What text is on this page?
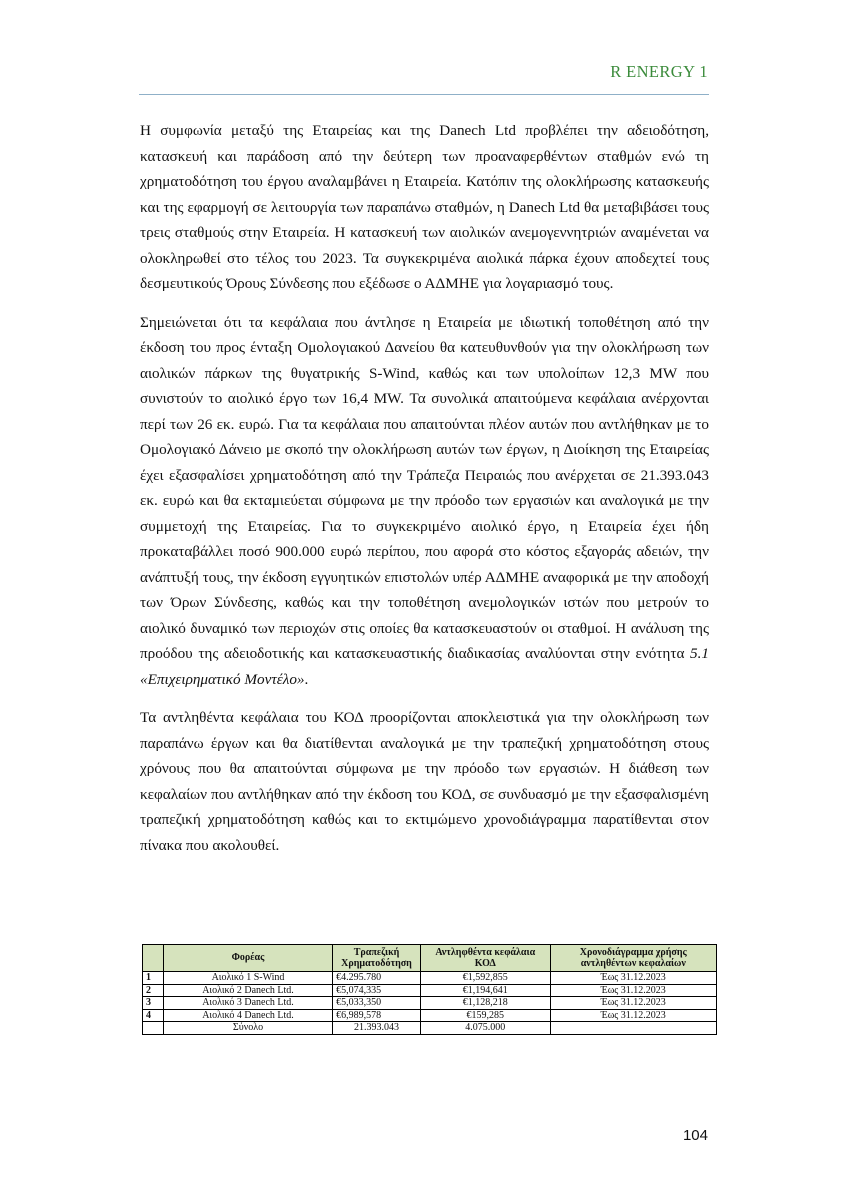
R ENERGY 1

Η συμφωνία μεταξύ της Εταιρείας και της Danech Ltd προβλέπει την αδειοδότηση, κατασκευή και παράδοση από την δεύτερη των προαναφερθέντων σταθμών ενώ τη χρηματοδότηση του έργου αναλαμβάνει η Εταιρεία. Κατόπιν της ολοκλήρωσης κατασκευής και της εφαρμογή σε λειτουργία των παραπάνω σταθμών, η Danech Ltd θα μεταβιβάσει τους τρεις σταθμούς στην Εταιρεία. Η κατασκευή των αιολικών ανεμογεννητριών αναμένεται να ολοκληρωθεί στο τέλος του 2023. Τα συγκεκριμένα αιολικά πάρκα έχουν αποδεχτεί τους δεσμευτικούς Όρους Σύνδεσης που εξέδωσε ο ΑΔΜΗΕ για λογαριασμό τους.

Σημειώνεται ότι τα κεφάλαια που άντλησε η Εταιρεία με ιδιωτική τοποθέτηση από την έκδοση του προς ένταξη Ομολογιακού Δανείου θα κατευθυνθούν για την ολοκλήρωση των αιολικών πάρκων της θυγατρικής S-Wind, καθώς και των υπολοίπων 12,3 MW που συνιστούν το αιολικό έργο των 16,4 MW. Τα συνολικά απαιτούμενα κεφάλαια ανέρχονται περί των 26 εκ. ευρώ. Για τα κεφάλαια που απαιτούνται πλέον αυτών που αντλήθηκαν με το Ομολογιακό Δάνειο με σκοπό την ολοκλήρωση αυτών των έργων, η Διοίκηση της Εταιρείας έχει εξασφαλίσει χρηματοδότηση από την Τράπεζα Πειραιώς που ανέρχεται σε 21.393.043 εκ. ευρώ και θα εκταμιεύεται σύμφωνα με την πρόοδο των εργασιών και αναλογικά με την συμμετοχή της Εταιρείας. Για το συγκεκριμένο αιολικό έργο, η Εταιρεία έχει ήδη προκαταβάλλει ποσό 900.000 ευρώ περίπου, που αφορά στο κόστος εξαγοράς αδειών, την ανάπτυξή τους, την έκδοση εγγυητικών επιστολών υπέρ ΑΔΜΗΕ αναφορικά με την αποδοχή των Όρων Σύνδεσης, καθώς και την τοποθέτηση ανεμολογικών ιστών που μετρούν το αιολικό δυναμικό των περιοχών στις οποίες θα κατασκευαστούν οι σταθμοί. Η ανάλυση της προόδου της αδειοδοτικής και κατασκευαστικής διαδικασίας αναλύονται στην ενότητα 5.1 «Επιχειρηματικό Μοντέλο».

Τα αντληθέντα κεφάλαια του ΚΟΔ προορίζονται αποκλειστικά για την ολοκλήρωση των παραπάνω έργων και θα διατίθενται αναλογικά με την τραπεζική χρηματοδότηση στους χρόνους που θα απαιτούνται σύμφωνα με την πρόοδο των εργασιών. Η διάθεση των κεφαλαίων που αντλήθηκαν από την έκδοση του ΚΟΔ, σε συνδυασμό με την εξασφαλισμένη τραπεζική χρηματοδότηση καθώς και το εκτιμώμενο χρονοδιάγραμμα παρατίθενται στον πίνακα που ακολουθεί.

	Φορέας	Τραπεζική Χρηματοδότηση	Αντληφθέντα κεφάλαια ΚΟΔ	Χρονοδιάγραμμα χρήσης αντληθέντων κεφαλαίων
1	Αιολικό 1 S-Wind	€4.295.780	€1,592,855	Έως 31.12.2023
2	Αιολικό 2 Danech Ltd.	€5,074,335	€1,194,641	Έως 31.12.2023
3	Αιολικό 3 Danech Ltd.	€5,033,350	€1,128,218	Έως 31.12.2023
4	Αιολικό 4 Danech Ltd.	€6,989,578	€159,285	Έως 31.12.2023
	Σύνολο	21.393.043	4.075.000	
104
